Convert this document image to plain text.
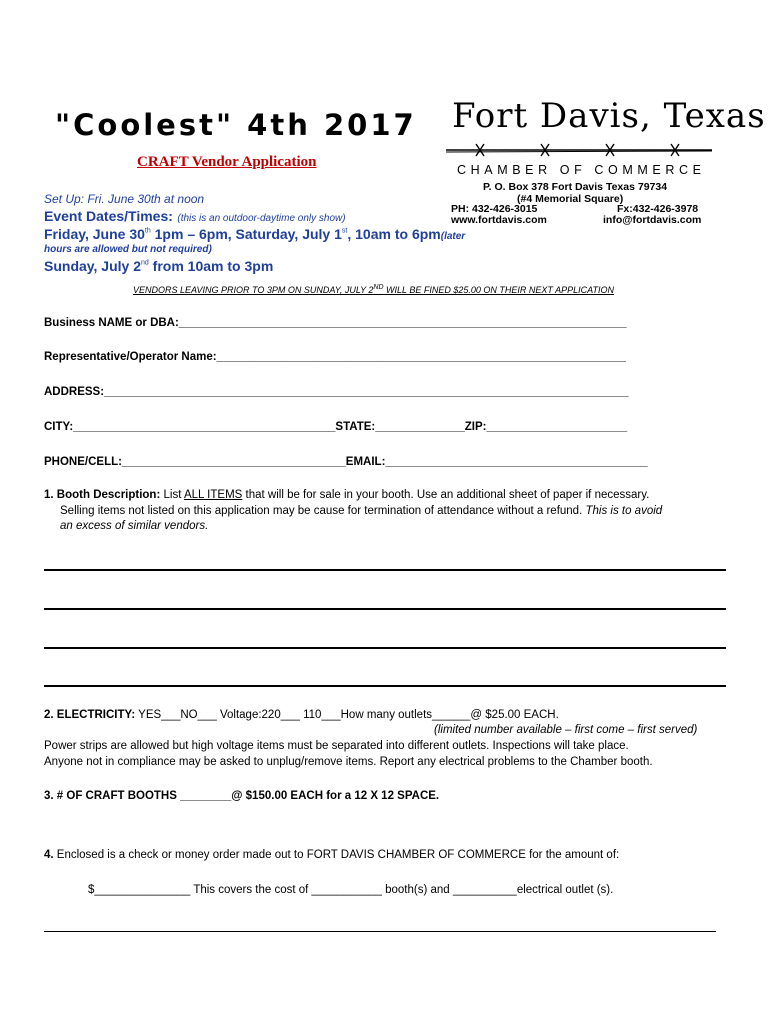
"Coolest" 4th 2017
CRAFT Vendor Application
Fort Davis, Texas
CHAMBER OF COMMERCE
P. O. Box 378 Fort Davis Texas 79734
(#4 Memorial Square)
PH: 432-426-3015	Fx:432-426-3978
www.fortdavis.com	info@fortdavis.com
Set Up: Fri. June 30th at noon
Event Dates/Times: (this is an outdoor-daytime only show)
Friday, June 30th 1pm – 6pm, Saturday, July 1st, 10am to 6pm(later
hours are allowed but not required)
Sunday, July 2nd from 10am to 3pm
VENDORS LEAVING PRIOR TO 3PM ON SUNDAY, JULY 2ND WILL BE FINED $25.00 ON THEIR NEXT APPLICATION
Business NAME or DBA:______________________________________________________________________
Representative/Operator Name:________________________________________________________________
ADDRESS:__________________________________________________________________________________
CITY:_________________________________________STATE:______________ZIP:______________________
PHONE/CELL:___________________________________EMAIL:_________________________________________
1. Booth Description: List ALL ITEMS that will be for sale in your booth. Use an additional sheet of paper if necessary.
Selling items not listed on this application may be cause for termination of attendance without a refund. This is to avoid
an excess of similar vendors.
2. ELECTRICITY: YES___NO___ Voltage:220___ 110___How many outlets______@ $25.00 EACH.
(limited number available – first come – first served)
Power strips are allowed but high voltage items must be separated into different outlets. Inspections will take place.
Anyone not in compliance may be asked to unplug/remove items. Report any electrical problems to the Chamber booth.
3. # OF CRAFT BOOTHS ________@ $150.00 EACH for a 12 X 12 SPACE.
4. Enclosed is a check or money order made out to FORT DAVIS CHAMBER OF COMMERCE for the amount of:
$_______________ This covers the cost of ___________ booth(s) and __________electrical outlet (s).
